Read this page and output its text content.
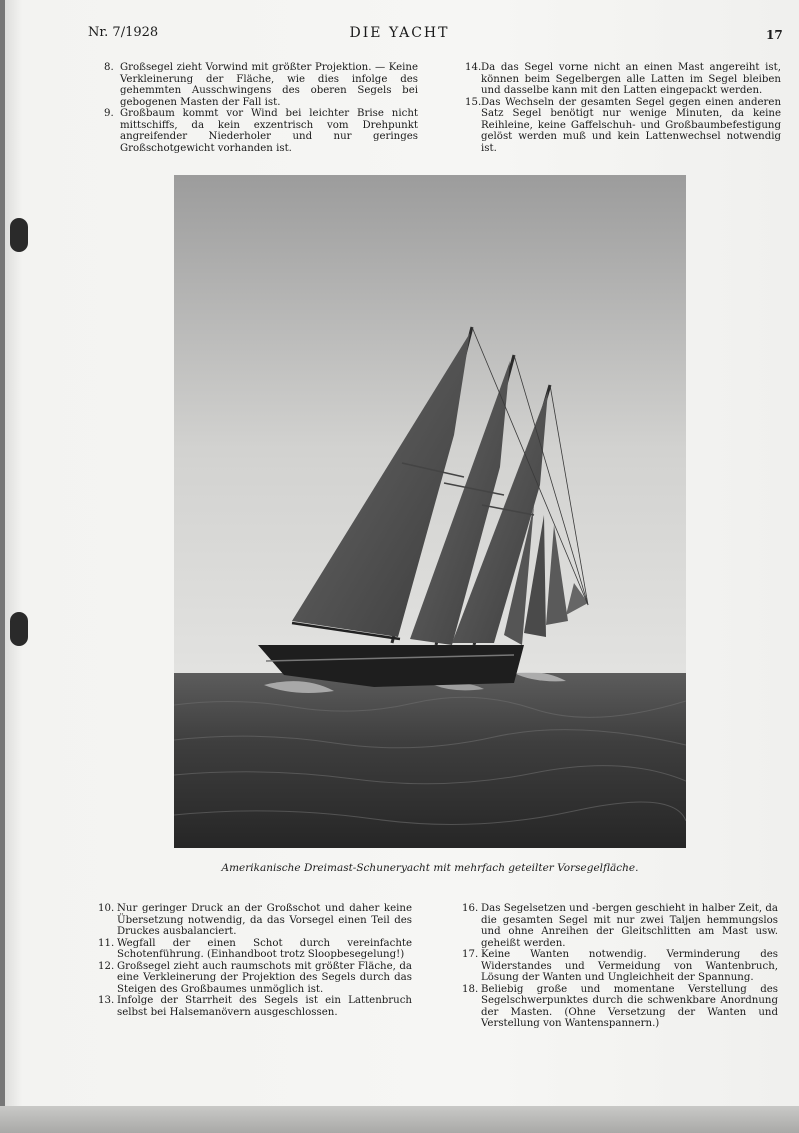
Nr. 7/1928	DIE YACHT	17
8. Großsegel zieht Vorwind mit größter Projektion. — Keine Verkleinerung der Fläche, wie dies infolge des gehemmten Ausschwingens des oberen Segels bei gebogenen Masten der Fall ist.
9. Großbaum kommt vor Wind bei leichter Brise nicht mittschiffs, da kein exzentrisch vom Drehpunkt angreifender Niederholer und nur geringes Großschotgewicht vorhanden ist.
14. Da das Segel vorne nicht an einen Mast angereiht ist, können beim Segelbergen alle Latten im Segel bleiben und dasselbe kann mit den Latten eingepackt werden.
15. Das Wechseln der gesamten Segel gegen einen anderen Satz Segel benötigt nur wenige Minuten, da keine Reihleine, keine Gaffelschuh- und Großbaumbefestigung gelöst werden muß und kein Lattenwechsel notwendig ist.
Amerikanische Dreimast-Schuneryacht mit mehrfach geteilter Vorsegelfläche.
10. Nur geringer Druck an der Großschot und daher keine Übersetzung notwendig, da das Vorsegel einen Teil des Druckes ausbalanciert.
11. Wegfall der einen Schot durch vereinfachte Schotenführung. (Einhandboot trotz Sloopbesegelung!)
12. Großsegel zieht auch raumschots mit größter Fläche, da eine Verkleinerung der Projektion des Segels durch das Steigen des Großbaumes unmöglich ist.
13. Infolge der Starrheit des Segels ist ein Lattenbruch selbst bei Halsemanövern ausgeschlossen.
16. Das Segelsetzen und -bergen geschieht in halber Zeit, da die gesamten Segel mit nur zwei Taljen hemmungslos und ohne Anreihen der Gleitschlitten am Mast usw. geheißt werden.
17. Keine Wanten notwendig. Verminderung des Widerstandes und Vermeidung von Wantenbruch, Lösung der Wanten und Ungleichheit der Spannung.
18. Beliebig große und momentane Verstellung des Segelschwerpunktes durch die schwenkbare Anordnung der Masten. (Ohne Versetzung der Wanten und Verstellung von Wantenspannern.)
